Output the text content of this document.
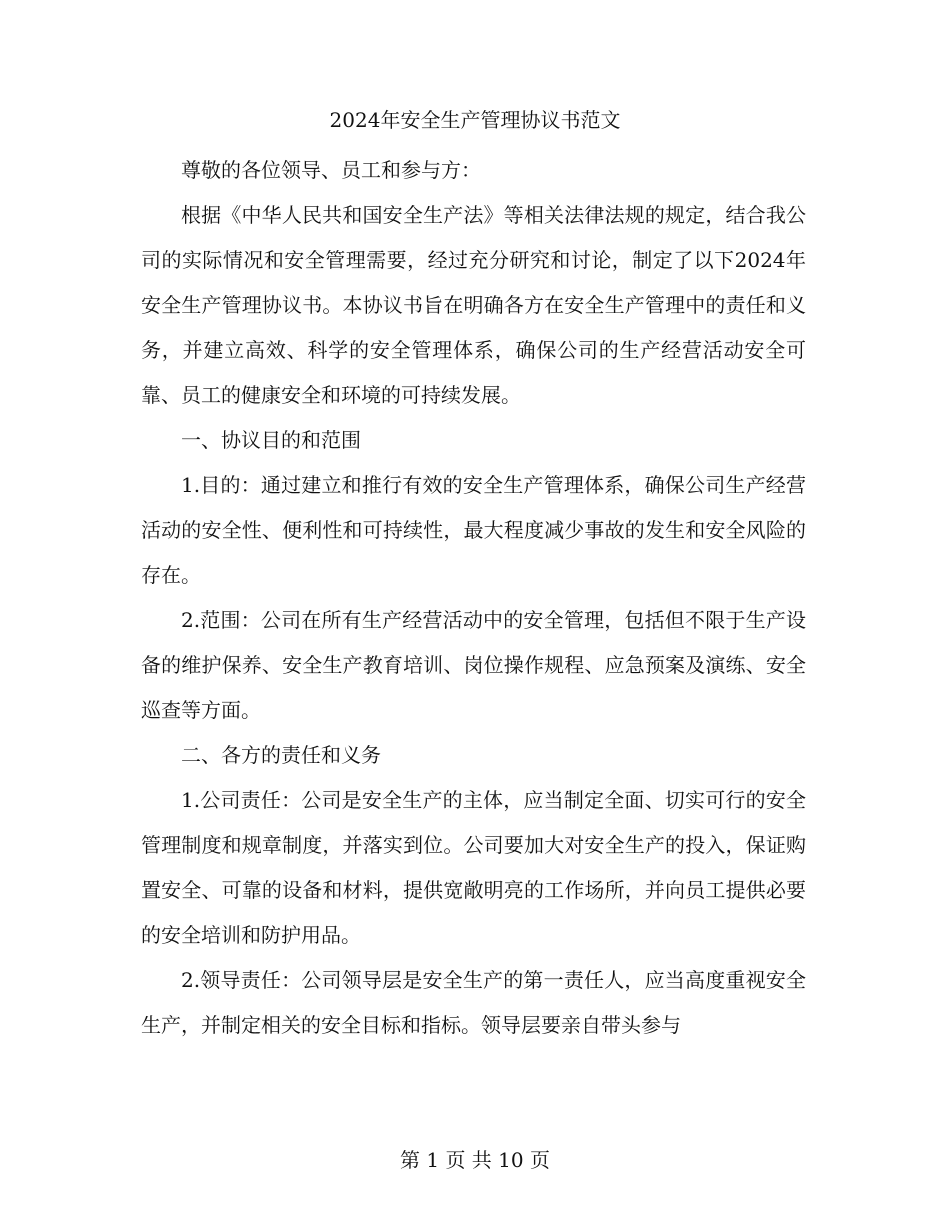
2024年安全生产管理协议书范文

尊敬的各位领导、员工和参与方：

根据《中华人民共和国安全生产法》等相关法律法规的规定，结合我公司的实际情况和安全管理需要，经过充分研究和讨论，制定了以下2024年安全生产管理协议书。本协议书旨在明确各方在安全生产管理中的责任和义务，并建立高效、科学的安全管理体系，确保公司的生产经营活动安全可靠、员工的健康安全和环境的可持续发展。

一、协议目的和范围

1.目的：通过建立和推行有效的安全生产管理体系，确保公司生产经营活动的安全性、便利性和可持续性，最大程度减少事故的发生和安全风险的存在。

2.范围：公司在所有生产经营活动中的安全管理，包括但不限于生产设备的维护保养、安全生产教育培训、岗位操作规程、应急预案及演练、安全巡查等方面。

二、各方的责任和义务

1.公司责任：公司是安全生产的主体，应当制定全面、切实可行的安全管理制度和规章制度，并落实到位。公司要加大对安全生产的投入，保证购置安全、可靠的设备和材料，提供宽敞明亮的工作场所，并向员工提供必要的安全培训和防护用品。

2.领导责任：公司领导层是安全生产的第一责任人，应当高度重视安全生产，并制定相关的安全目标和指标。领导层要亲自带头参与

第 1 页 共 10 页
